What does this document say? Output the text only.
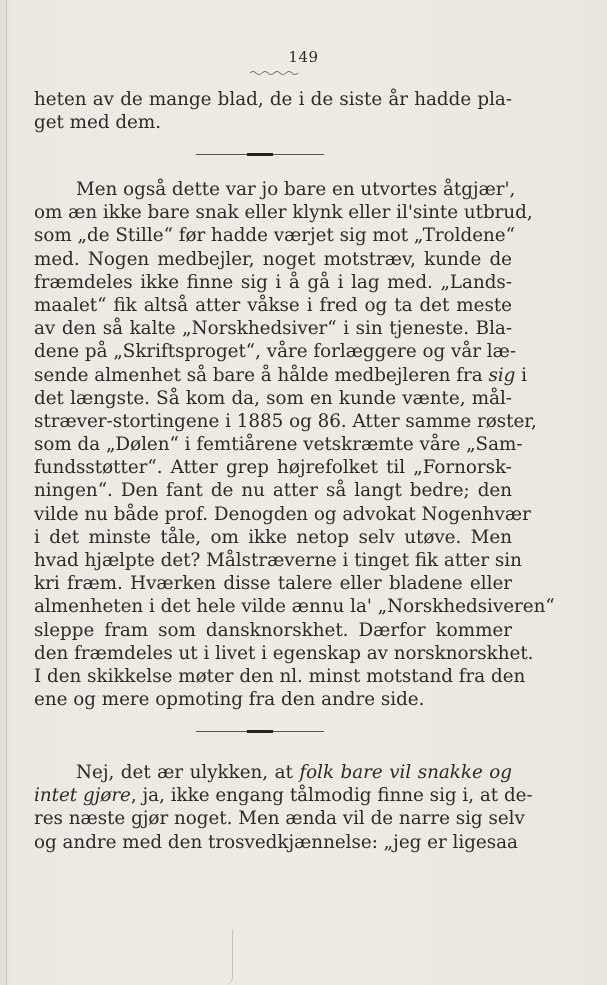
149
heten av de mange blad, de i de siste år hadde pla-
get med dem.
Men også dette var jo bare en utvortes åtgjær',
om æn ikke bare snak eller klynk eller il'sinte utbrud,
som „de Stille“ før hadde værjet sig mot „Troldene“
med. Nogen medbejler, noget motstræv, kunde de
fræmdeles ikke finne sig i å gå i lag med. „Lands-
maalet“ fik altså atter våkse i fred og ta det meste
av den så kalte „Norskhedsiver“ i sin tjeneste. Bla-
dene på „Skriftsproget“, våre forlæggere og vår læ-
sende almenhet så bare å hålde medbejleren fra sig i
det længste. Så kom da, som en kunde vænte, mål-
stræver-stortingene i 1885 og 86. Atter samme røster,
som da „Dølen“ i femtiårene vetskræmte våre „Sam-
fundsstøtter“. Atter grep højrefolket til „Fornorsk-
ningen“. Den fant de nu atter så langt bedre; den
vilde nu både prof. Denogden og advokat Nogenhvær
i det minste tåle, om ikke netop selv utøve. Men
hvad hjælpte det? Målstræverne i tinget fik atter sin
kri fræm. Hværken disse talere eller bladene eller
almenheten i det hele vilde ænnu la' „Norskhedsiveren“
sleppe fram som dansknorskhet. Dærfor kommer
den fræmdeles ut i livet i egenskap av norsknorskhet.
I den skikkelse møter den nl. minst motstand fra den
ene og mere opmoting fra den andre side.
Nej, det ær ulykken, at folk bare vil snakke og
intet gjøre, ja, ikke engang tålmodig finne sig i, at de-
res næste gjør noget. Men ænda vil de narre sig selv
og andre med den trosvedkjænnelse: „jeg er ligesaa
